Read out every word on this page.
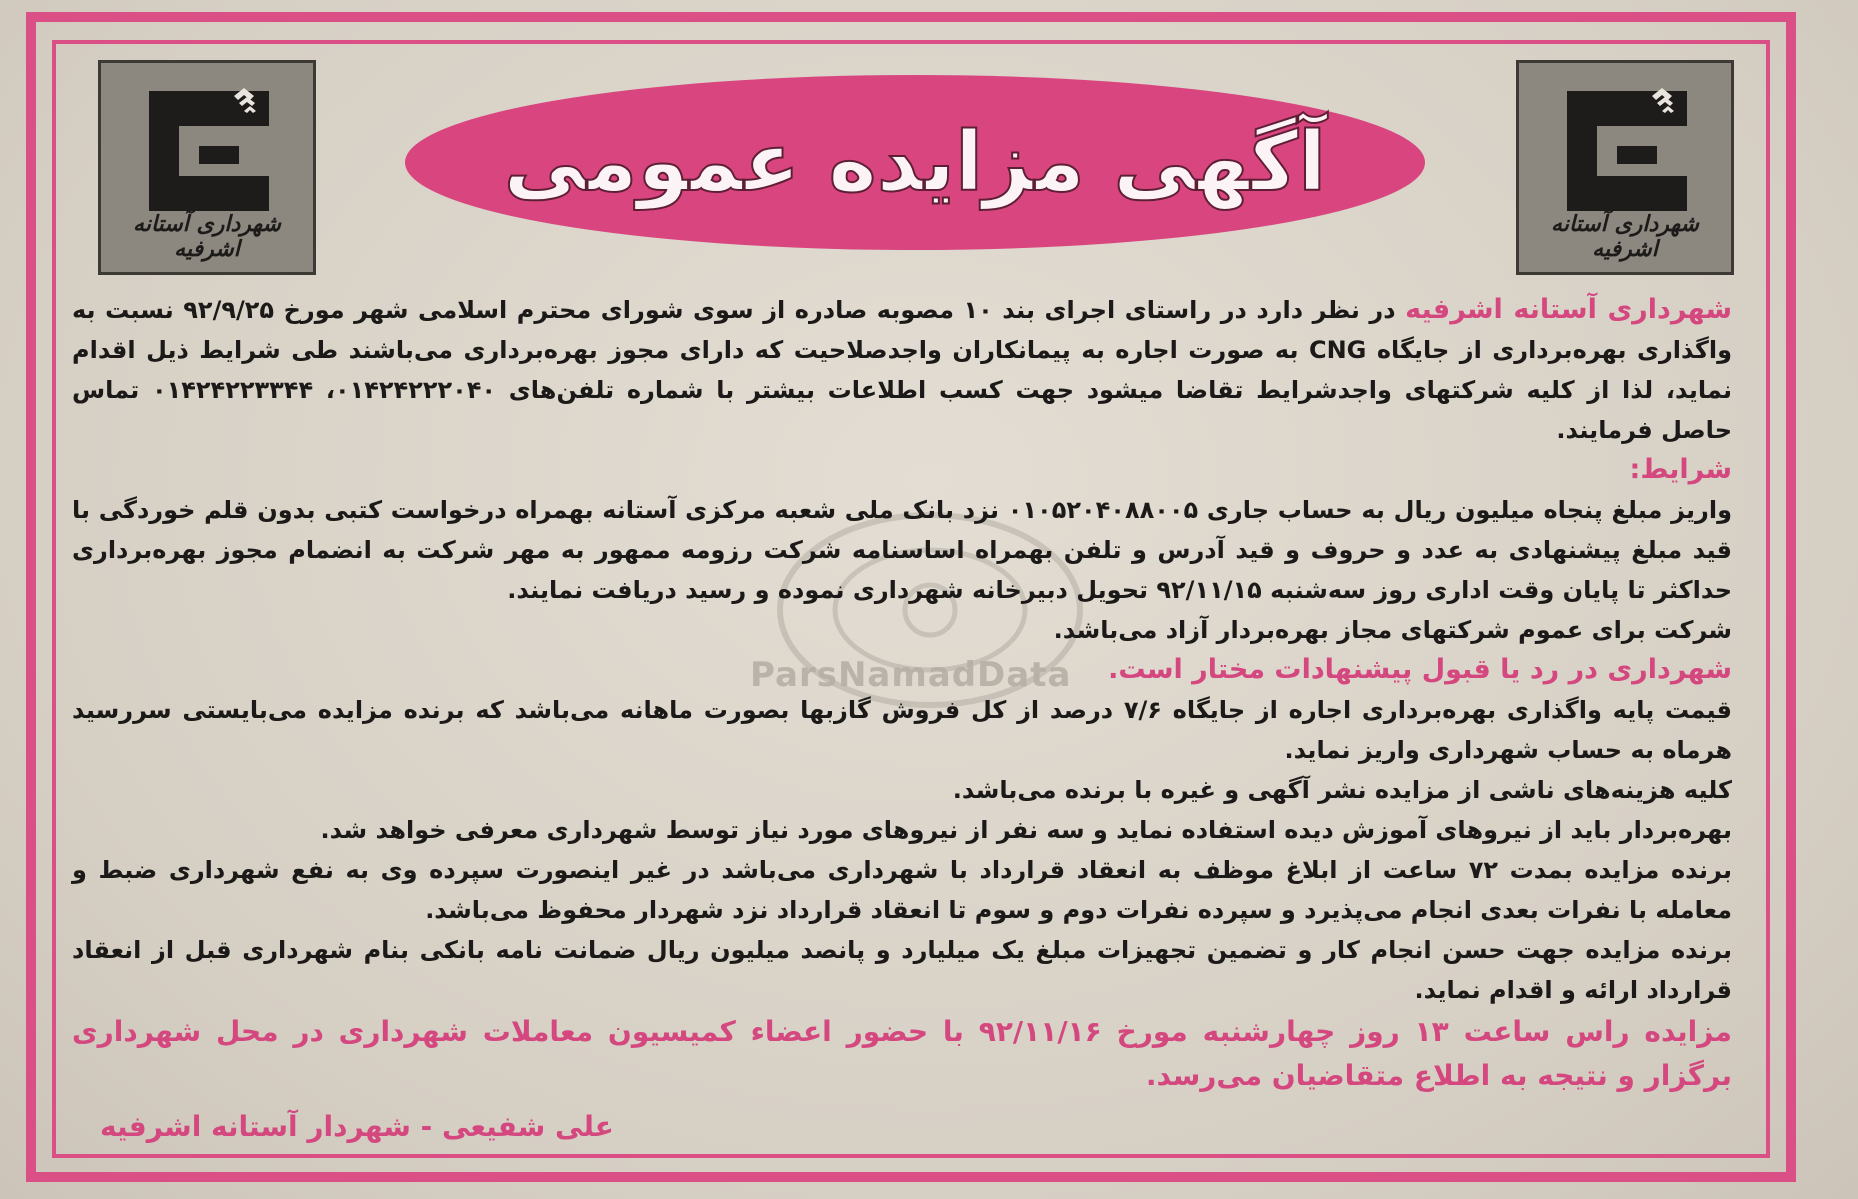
شهرداری آستانه اشرفیه
شهرداری آستانه اشرفیه
آگهی مزایده عمومی
ParsNamadData

شهرداری آستانه اشرفیه در نظر دارد در راستای اجرای بند ۱۰ مصوبه صادره از سوی شورای محترم اسلامی شهر مورخ ۹۲/۹/۲۵ نسبت به واگذاری بهره‌برداری از جایگاه CNG به صورت اجاره به پیمانکاران واجدصلاحیت که دارای مجوز بهره‌برداری می‌باشند طی شرایط ذیل اقدام نماید، لذا از کلیه شرکتهای واجدشرایط تقاضا میشود جهت کسب اطلاعات بیشتر با شماره تلفن‌های ۰۱۴۲۴۲۲۲۰۴۰، ۰۱۴۲۴۲۲۳۳۴۴ تماس حاصل فرمایند.

شرایط:

واریز مبلغ پنجاه میلیون ریال به حساب جاری ۰۱۰۵۲۰۴۰۸۸۰۰۵ نزد بانک ملی شعبه مرکزی آستانه بهمراه درخواست کتبی بدون قلم خوردگی با قید مبلغ پیشنهادی به عدد و حروف و قید آدرس و تلفن بهمراه اساسنامه شرکت رزومه ممهور به مهر شرکت به انضمام مجوز بهره‌برداری حداکثر تا پایان وقت اداری روز سه‌شنبه ۹۲/۱۱/۱۵ تحویل دبیرخانه شهرداری نموده و رسید دریافت نمایند.

شرکت برای عموم شرکتهای مجاز بهره‌بردار آزاد می‌باشد.

شهرداری در رد یا قبول پیشنهادات مختار است.

قیمت پایه واگذاری بهره‌برداری اجاره از جایگاه ۷/۶ درصد از کل فروش گازبها بصورت ماهانه می‌باشد که برنده مزایده می‌بایستی سررسید هرماه به حساب شهرداری واریز نماید.

کلیه هزینه‌های ناشی از مزایده نشر آگهی و غیره با برنده می‌باشد.

بهره‌بردار باید از نیروهای آموزش دیده استفاده نماید و سه نفر از نیروهای مورد نیاز توسط شهرداری معرفی خواهد شد.

برنده مزایده بمدت ۷۲ ساعت از ابلاغ موظف به انعقاد قرارداد با شهرداری می‌باشد در غیر اینصورت سپرده وی به نفع شهرداری ضبط و معامله با نفرات بعدی انجام می‌پذیرد و سپرده نفرات دوم و سوم تا انعقاد قرارداد نزد شهردار محفوظ می‌باشد.

برنده مزایده جهت حسن انجام کار و تضمین تجهیزات مبلغ یک میلیارد و پانصد میلیون ریال ضمانت نامه بانکی بنام شهرداری قبل از انعقاد قرارداد ارائه و اقدام نماید.

مزایده راس ساعت ۱۳ روز چهارشنبه مورخ ۹۲/۱۱/۱۶ با حضور اعضاء کمیسیون معاملات شهرداری در محل شهرداری برگزار و نتیجه به اطلاع متقاضیان می‌رسد.

علی شفیعی - شهردار آستانه اشرفیه
